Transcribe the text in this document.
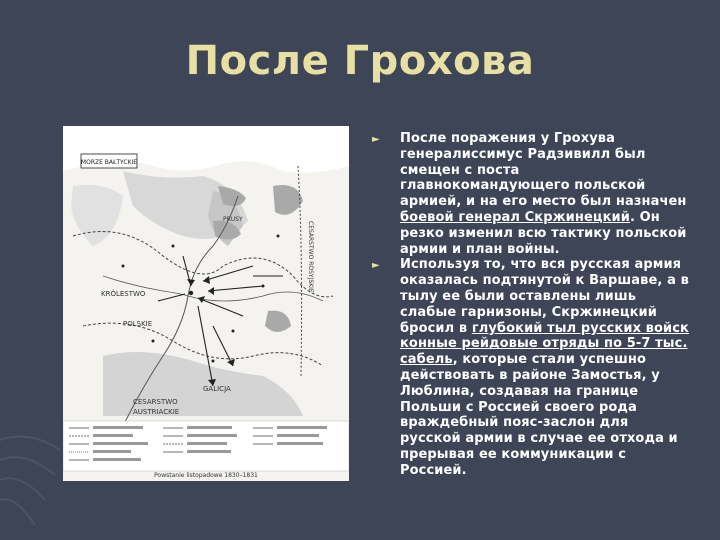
После Грохова
MORZE BAŁTYCKIE
PRUSY
KRÓLESTWO
POLSKIE
GALICJA
CESARSTWO
AUSTRIACKIE
CESARSTWO ROSYJSKIE
Powstanie listopadowe 1830–1831
► После поражения у Грохува генералиссимус Радзивилл был смещен с поста главнокомандующего польской армией, и на его место был назначен боевой генерал Скржинецкий. Он резко изменил всю тактику польской армии и план войны.
► Используя то, что вся русская армия оказалась подтянутой к Варшаве, а в тылу ее были оставлены лишь слабые гарнизоны, Скржинецкий бросил в глубокий тыл русских войск конные рейдовые отряды по 5-7 тыс. сабель, которые стали успешно действовать в районе Замостья, у Люблина, создавая на границе Польши с Россией своего рода враждебный пояс-заслон для русской армии в случае ее отхода и прерывая ее коммуникации с Россией.
